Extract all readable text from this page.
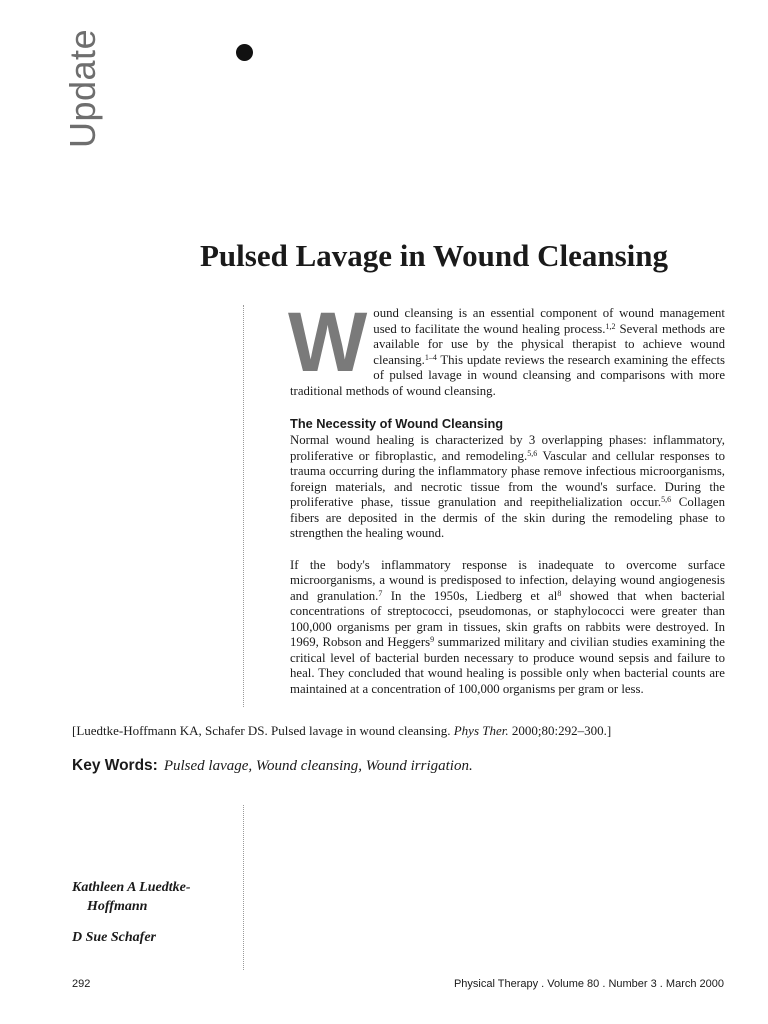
Update
Pulsed Lavage in Wound Cleansing

Wound cleansing is an essential component of wound management used to facilitate the wound healing process.$^{1,2}$ Several methods are available for use by the physical therapist to achieve wound cleansing.$^{1-4}$ This update reviews the research examining the effects of pulsed lavage in wound cleansing and comparisons with more traditional methods of wound cleansing.

The Necessity of Wound Cleansing

Normal wound healing is characterized by 3 overlapping phases: inflammatory, proliferative or fibroplastic, and remodeling.$^{5,6}$ Vascular and cellular responses to trauma occurring during the inflammatory phase remove infectious microorganisms, foreign materials, and necrotic tissue from the wound's surface. During the proliferative phase, tissue granulation and reepithelialization occur.$^{5,6}$ Collagen fibers are deposited in the dermis of the skin during the remodeling phase to strengthen the healing wound.

If the body's inflammatory response is inadequate to overcome surface microorganisms, a wound is predisposed to infection, delaying wound angiogenesis and granulation.$^7$ In the 1950s, Liedberg et $al^8$ showed that when bacterial concentrations of streptococci, pseudomonas, or staphylococci were greater than 100,000 organisms per gram in tissues, skin grafts on rabbits were destroyed. In 1969, Robson and Heggers$^9$ summarized military and civilian studies examining the critical level of bacterial burden necessary to produce wound sepsis and failure to heal. They concluded that wound healing is possible only when bacterial counts are maintained at a concentration of 100,000 organisms per gram or less.

[Luedtke-Hoffmann KA, Schafer DS. Pulsed lavage in wound cleansing. Phys Ther. 2000;80:292–300.]
Key Words: Pulsed lavage, Wound cleansing, Wound irrigation.
Kathleen A Luedtke-
Hoffmann
D Sue Schafer
292	Physical Therapy . Volume 80 . Number 3 . March 2000
